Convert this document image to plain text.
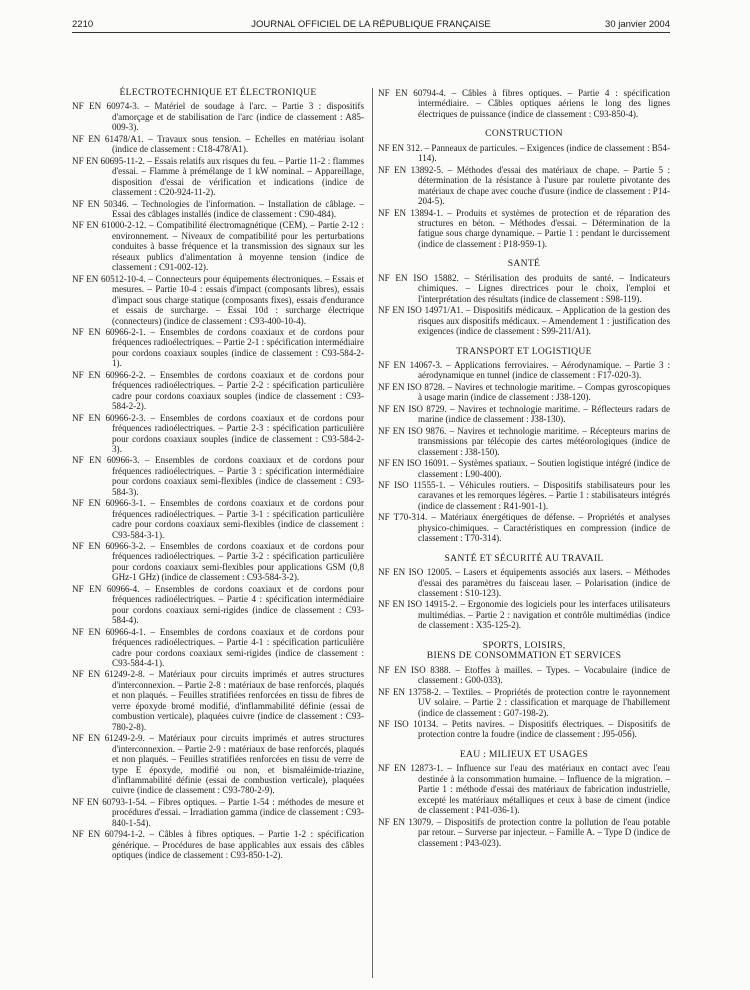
2210	JOURNAL OFFICIEL DE LA RÉPUBLIQUE FRANÇAISE	30 janvier 2004
ÉLECTROTECHNIQUE ET ÉLECTRONIQUE
NF EN 60974-3. – Matériel de soudage à l'arc. – Partie 3 : dispositifs d'amorçage et de stabilisation de l'arc (indice de classement : A85-009-3).
NF EN 61478/A1. – Travaux sous tension. – Echelles en matériau isolant (indice de classement : C18-478/A1).
NF EN 60695-11-2. – Essais relatifs aux risques du feu. – Partie 11-2 : flammes d'essai. – Flamme à prémélange de 1 kW nominal. – Appareillage, disposition d'essai de vérification et indications (indice de classement : C20-924-11-2).
NF EN 50346. – Technologies de l'information. – Installation de câblage. – Essai des câblages installés (indice de classement : C90-484).
NF EN 61000-2-12. – Compatibilité électromagnétique (CEM). – Partie 2-12 : environnement. – Niveaux de compatibilité pour les perturbations conduites à basse fréquence et la transmission des signaux sur les réseaux publics d'alimentation à moyenne tension (indice de classement : C91-002-12).
NF EN 60512-10-4. – Connecteurs pour équipements électroniques. – Essais et mesures. – Partie 10-4 : essais d'impact (composants libres), essais d'impact sous charge statique (composants fixes), essais d'endurance et essais de surcharge. – Essai 10d : surcharge électrique (connecteurs) (indice de classement : C93-400-10-4).
NF EN 60966-2-1. – Ensembles de cordons coaxiaux et de cordons pour fréquences radioélectriques. – Partie 2-1 : spécification intermédiaire pour cordons coaxiaux souples (indice de classement : C93-584-2-1).
NF EN 60966-2-2. – Ensembles de cordons coaxiaux et de cordons pour fréquences radioélectriques. – Partie 2-2 : spécification particulière cadre pour cordons coaxiaux souples (indice de classement : C93-584-2-2).
NF EN 60966-2-3. – Ensembles de cordons coaxiaux et de cordons pour fréquences radioélectriques. – Partie 2-3 : spécification particulière pour cordons coaxiaux souples (indice de classement : C93-584-2-3).
NF EN 60966-3. – Ensembles de cordons coaxiaux et de cordons pour fréquences radioélectriques. – Partie 3 : spécification intermédiaire pour cordons coaxiaux semi-flexibles (indice de classement : C93-584-3).
NF EN 60966-3-1. – Ensembles de cordons coaxiaux et de cordons pour fréquences radioélectriques. – Partie 3-1 : spécification particulière cadre pour cordons coaxiaux semi-flexibles (indice de classement : C93-584-3-1).
NF EN 60966-3-2. – Ensembles de cordons coaxiaux et de cordons pour fréquences radioélectriques. – Partie 3-2 : spécification particulière pour cordons coaxiaux semi-flexibles pour applications GSM (0,8 GHz-1 GHz) (indice de classement : C93-584-3-2).
NF EN 60966-4. – Ensembles de cordons coaxiaux et de cordons pour fréquences radioélectriques. – Partie 4 : spécification intermédiaire pour cordons coaxiaux semi-rigides (indice de classement : C93-584-4).
NF EN 60966-4-1. – Ensembles de cordons coaxiaux et de cordons pour fréquences radioélectriques. – Partie 4-1 : spécification particulière cadre pour cordons coaxiaux semi-rigides (indice de classement : C93-584-4-1).
NF EN 61249-2-8. – Matériaux pour circuits imprimés et autres structures d'interconnexion. – Partie 2-8 : matériaux de base renforcés, plaqués et non plaqués. – Feuilles stratifiées renforcées en tissu de fibres de verre époxyde bromé modifié, d'inflammabilité définie (essai de combustion verticale), plaquées cuivre (indice de classement : C93-780-2-8).
NF EN 61249-2-9. – Matériaux pour circuits imprimés et autres structures d'interconnexion. – Partie 2-9 : matériaux de base renforcés, plaqués et non plaqués. – Feuilles stratifiées renforcées en tissu de verre de type E époxyde, modifié ou non, et bismaléimide-triazine, d'inflammabilité définie (essai de combustion verticale), plaquées cuivre (indice de classement : C93-780-2-9).
NF EN 60793-1-54. – Fibres optiques. – Partie 1-54 : méthodes de mesure et procédures d'essai. – Irradiation gamma (indice de classement : C93-840-1-54).
NF EN 60794-1-2. – Câbles à fibres optiques. – Partie 1-2 : spécification générique. – Procédures de base applicables aux essais des câbles optiques (indice de classement : C93-850-1-2).
NF EN 60794-4. – Câbles à fibres optiques. – Partie 4 : spécification intermédiaire. – Câbles optiques aériens le long des lignes électriques de puissance (indice de classement : C93-850-4).
CONSTRUCTION
NF EN 312. – Panneaux de particules. – Exigences (indice de classement : B54-114).
NF EN 13892-5. – Méthodes d'essai des matériaux de chape. – Partie 5 : détermination de la résistance à l'usure par roulette pivotante des matériaux de chape avec couche d'usure (indice de classement : P14-204-5).
NF EN 13894-1. – Produits et systèmes de protection et de réparation des structures en béton. – Méthodes d'essai. – Détermination de la fatigue sous charge dynamique. – Partie 1 : pendant le durcissement (indice de classement : P18-959-1).
SANTÉ
NF EN ISO 15882. – Stérilisation des produits de santé. – Indicateurs chimiques. – Lignes directrices pour le choix, l'emploi et l'interprétation des résultats (indice de classement : S98-119).
NF EN ISO 14971/A1. – Dispositifs médicaux. – Application de la gestion des risques aux dispositifs médicaux. – Amendement 1 : justification des exigences (indice de classement : S99-211/A1).
TRANSPORT ET LOGISTIQUE
NF EN 14067-3. – Applications ferroviaires. – Aérodynamique. – Partie 3 : aérodynamique en tunnel (indice de classement : F17-020-3).
NF EN ISO 8728. – Navires et technologie maritime. – Compas gyroscopiques à usage marin (indice de classement : J38-120).
NF EN ISO 8729. – Navires et technologie maritime. – Réflecteurs radars de marine (indice de classement : J38-130).
NF EN ISO 9876. – Navires et technologie maritime. – Récepteurs marins de transmissions par télécopie des cartes météorologiques (indice de classement : J38-150).
NF EN ISO 16091. – Systèmes spatiaux. – Soutien logistique intégré (indice de classement : L90-400).
NF ISO 11555-1. – Véhicules routiers. – Dispositifs stabilisateurs pour les caravanes et les remorques légères. – Partie 1 : stabilisateurs intégrés (indice de classement : R41-901-1).
NF T70-314. – Matériaux énergétiques de défense. – Propriétés et analyses physico-chimiques. – Caractéristiques en compression (indice de classement : T70-314).
SANTÉ ET SÉCURITÉ AU TRAVAIL
NF EN ISO 12005. – Lasers et équipements associés aux lasers. – Méthodes d'essai des paramètres du faisceau laser. – Polarisation (indice de classement : S10-123).
NF EN ISO 14915-2. – Ergonomie des logiciels pour les interfaces utilisateurs multimédias. – Partie 2 : navigation et contrôle multimédias (indice de classement : X35-125-2).
SPORTS, LOISIRS,
BIENS DE CONSOMMATION ET SERVICES
NF EN ISO 8388. – Etoffes à mailles. – Types. – Vocabulaire (indice de classement : G00-033).
NF EN 13758-2. – Textiles. – Propriétés de protection contre le rayonnement UV solaire. – Partie 2 : classification et marquage de l'habillement (indice de classement : G07-198-2).
NF ISO 10134. – Petits navires. – Dispositifs électriques. – Dispositifs de protection contre la foudre (indice de classement : J95-056).
EAU : MILIEUX ET USAGES
NF EN 12873-1. – Influence sur l'eau des matériaux en contact avec l'eau destinée à la consommation humaine. – Influence de la migration. – Partie 1 : méthode d'essai des matériaux de fabrication industrielle, excepté les matériaux métalliques et ceux à base de ciment (indice de classement : P41-036-1).
NF EN 13079. – Dispositifs de protection contre la pollution de l'eau potable par retour. – Surverse par injecteur. – Famille A. – Type D (indice de classement : P43-023).
